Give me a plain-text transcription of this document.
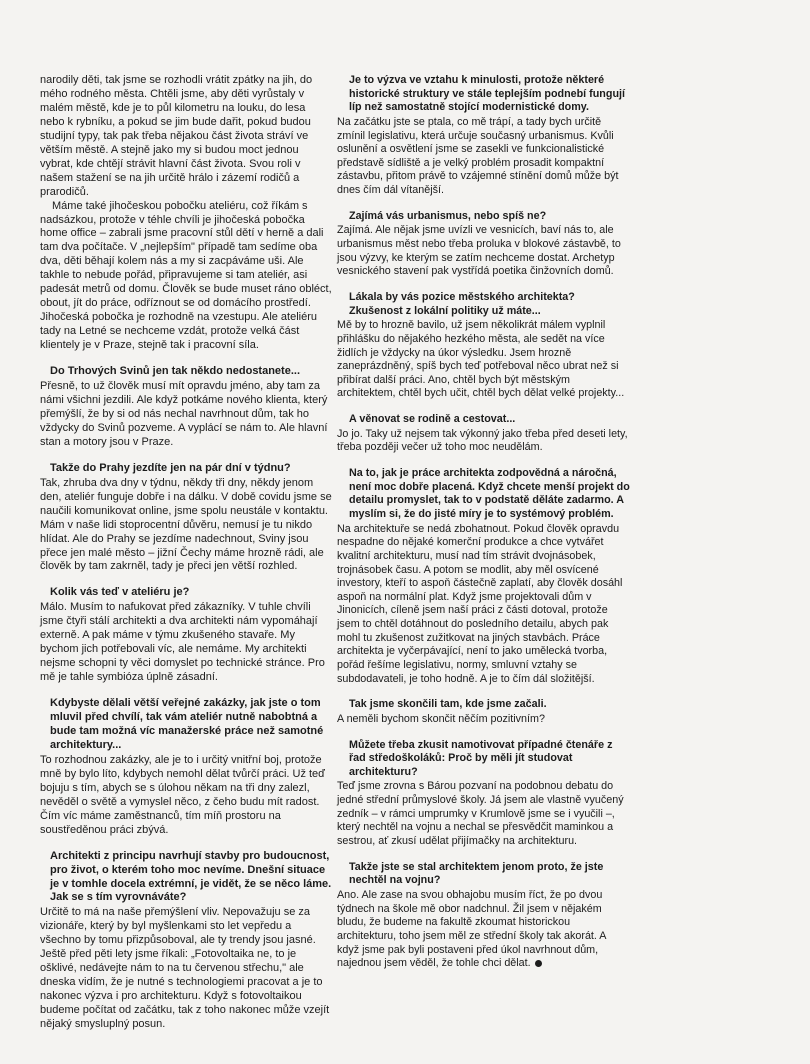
narodily děti, tak jsme se rozhodli vrátit zpátky na jih, do mého rodného města. Chtěli jsme, aby děti vyrůstaly v malém městě, kde je to půl kilometru na louku, do lesa nebo k rybníku, a pokud se jim bude dařit, pokud budou studijní typy, tak pak třeba nějakou část života stráví ve větším městě. A stejně jako my si budou moct jednou vybrat, kde chtějí strávit hlavní část života. Svou roli v našem stažení se na jih určitě hrálo i zázemí rodičů a prarodičů.

Máme také jihočeskou pobočku ateliéru, což říkám s nadsázkou, protože v téhle chvíli je jihočeská pobočka home office – zabrali jsme pracovní stůl dětí v herně a dali tam dva počítače. V „nejlepším" případě tam sedíme oba dva, děti běhají kolem nás a my si zacpáváme uši. Ale takhle to nebude pořád, připravujeme si tam ateliér, asi padesát metrů od domu. Člověk se bude muset ráno obléct, obout, jít do práce, odříznout se od domácího prostředí. Jihočeská pobočka je rozhodně na vzestupu. Ale ateliéru tady na Letné se nechceme vzdát, protože velká část klientely je v Praze, stejně tak i pracovní síla.

Do Trhových Svinů jen tak někdo nedostanete...

Přesně, to už člověk musí mít opravdu jméno, aby tam za námi všichni jezdili. Ale když potkáme nového klienta, který přemýšlí, že by si od nás nechal navrhnout dům, tak ho vždycky do Svinů pozveme. A vyplácí se nám to. Ale hlavní stan a motory jsou v Praze.

Takže do Prahy jezdíte jen na pár dní v týdnu?

Tak, zhruba dva dny v týdnu, někdy tři dny, někdy jenom den, ateliér funguje dobře i na dálku. V době covidu jsme se naučili komunikovat online, jsme spolu neustále v kontaktu. Mám v naše lidi stoprocentní důvěru, nemusí je tu nikdo hlídat. Ale do Prahy se jezdíme nadechnout, Sviny jsou přece jen malé město – jižní Čechy máme hrozně rádi, ale člověk by tam zakrněl, tady je přeci jen větší rozhled.

Kolik vás teď v ateliéru je?

Málo. Musím to nafukovat před zákazníky. V tuhle chvíli jsme čtyři stálí architekti a dva architekti nám vypomáhají externě. A pak máme v týmu zkušeného stavaře. My bychom jich potřebovali víc, ale nemáme. My architekti nejsme schopni ty věci domyslet po technické stránce. Pro mě je tahle symbióza úplně zásadní.

Kdybyste dělali větší veřejné zakázky, jak jste o tom mluvil před chvílí, tak vám ateliér nutně nabobtná a bude tam možná víc manažerské práce než samotné architektury...

To rozhodnou zakázky, ale je to i určitý vnitřní boj, protože mně by bylo líto, kdybych nemohl dělat tvůrčí práci. Už teď bojuju s tím, abych se s úlohou někam na tři dny zalezl, nevěděl o světě a vymyslel něco, z čeho budu mít radost. Čím víc máme zaměstnanců, tím míň prostoru na soustředěnou práci zbývá.

Architekti z principu navrhují stavby pro budoucnost, pro život, o kterém toho moc nevíme. Dnešní situace je v tomhle docela extrémní, je vidět, že se něco láme. Jak se s tím vyrovnáváte?

Určitě to má na naše přemýšlení vliv. Nepovažuju se za vizionáře, který by byl myšlenkami sto let vepředu a všechno by tomu přizpůsoboval, ale ty trendy jsou jasné. Ještě před pěti lety jsme říkali: „Fotovoltaika ne, to je ošklivé, nedávejte nám to na tu červenou střechu," ale dneska vidím, že je nutné s technologiemi pracovat a je to nakonec výzva i pro architekturu. Když s fotovoltaikou budeme počítat od začátku, tak z toho nakonec může vzejít nějaký smysluplný posun.

Je to výzva ve vztahu k minulosti, protože některé historické struktury ve stále teplejším podnebí fungují líp než samostatně stojící modernistické domy.

Na začátku jste se ptala, co mě trápí, a tady bych určitě zmínil legislativu, která určuje současný urbanismus. Kvůli oslunění a osvětlení jsme se zasekli ve funkcionalistické představě sídliště a je velký problém prosadit kompaktní zástavbu, přitom právě to vzájemné stínění domů může být dnes čím dál vítanější.

Zajímá vás urbanismus, nebo spíš ne?

Zajímá. Ale nějak jsme uvízli ve vesnicích, baví nás to, ale urbanismus měst nebo třeba proluka v blokové zástavbě, to jsou výzvy, ke kterým se zatím nechceme dostat. Archetyp vesnického stavení pak vystřídá poetika činžovních domů.

Lákala by vás pozice městského architekta? Zkušenost z lokální politiky už máte...

Mě by to hrozně bavilo, už jsem několikrát málem vyplnil přihlášku do nějakého hezkého města, ale sedět na více židlích je vždycky na úkor výsledku. Jsem hrozně zaneprázdněný, spíš bych teď potřeboval něco ubrat než si přibírat další práci. Ano, chtěl bych být městským architektem, chtěl bych učit, chtěl bych dělat velké projekty...

A věnovat se rodině a cestovat...

Jo jo. Taky už nejsem tak výkonný jako třeba před deseti lety, třeba později večer už toho moc neudělám.

Na to, jak je práce architekta zodpovědná a náročná, není moc dobře placená. Když chcete menší projekt do detailu promyslet, tak to v podstatě děláte zadarmo. A myslím si, že do jisté míry je to systémový problém.

Na architektuře se nedá zbohatnout. Pokud člověk opravdu nespadne do nějaké komerční produkce a chce vytvářet kvalitní architekturu, musí nad tím strávit dvojnásobek, trojnásobek času. A potom se modlit, aby měl osvícené investory, kteří to aspoň částečně zaplatí, aby člověk dosáhl aspoň na normální plat. Když jsme projektovali dům v Jinonicích, cíleně jsem naší práci z části dotoval, protože jsem to chtěl dotáhnout do posledního detailu, abych pak mohl tu zkušenost zužitkovat na jiných stavbách. Práce architekta je vyčerpávající, není to jako umělecká tvorba, pořád řešíme legislativu, normy, smluvní vztahy se subdodavateli, je toho hodně. A je to čím dál složitější.

Tak jsme skončili tam, kde jsme začali.

A neměli bychom skončit něčím pozitivním?

Můžete třeba zkusit namotivovat případné čtenáře z řad středoškoláků: Proč by měli jít studovat architekturu?

Teď jsme zrovna s Bárou pozvaní na podobnou debatu do jedné střední průmyslové školy. Já jsem ale vlastně vyučený zedník – v rámci umprumky v Krumlově jsme se i vyučili –, který nechtěl na vojnu a nechal se přesvědčit maminkou a sestrou, ať zkusí udělat přijímačky na architekturu.

Takže jste se stal architektem jenom proto, že jste nechtěl na vojnu?

Ano. Ale zase na svou obhajobu musím říct, že po dvou týdnech na škole mě obor nadchnul. Žil jsem v nějakém bludu, že budeme na fakultě zkoumat historickou architekturu, toho jsem měl ze střední školy tak akorát. A když jsme pak byli postaveni před úkol navrhnout dům, najednou jsem věděl, že tohle chci dělat.
